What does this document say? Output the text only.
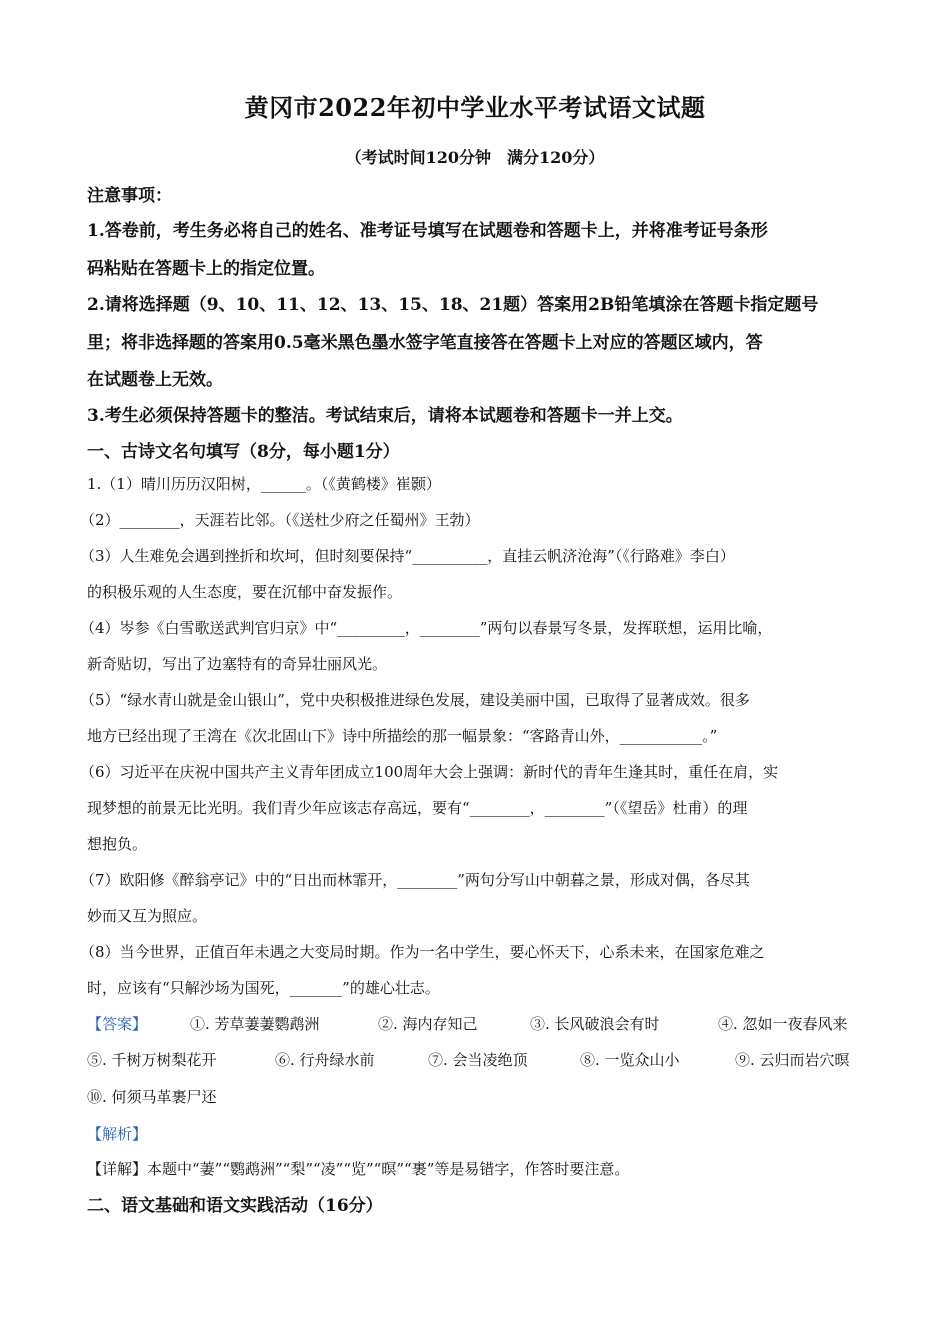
黄冈市2022年初中学业水平考试语文试题
（考试时间120分钟　满分120分）
注意事项：
1.答卷前，考生务必将自己的姓名、准考证号填写在试题卷和答题卡上，并将准考证号条形
码粘贴在答题卡上的指定位置。
2.请将选择题（9、10、11、12、13、15、18、21题）答案用2B铅笔填涂在答题卡指定题号
里；将非选择题的答案用0.5毫米黑色墨水签字笔直接答在答题卡上对应的答题区域内，答
在试题卷上无效。
3.考生必须保持答题卡的整洁。考试结束后，请将本试题卷和答题卡一并上交。
一、古诗文名句填写（8分，每小题1分）
1.（1）晴川历历汉阳树，______。（《黄鹤楼》崔颢）
（2）________，天涯若比邻。（《送杜少府之任蜀州》王勃）
（3）人生难免会遇到挫折和坎坷，但时刻要保持“__________，直挂云帆济沧海”（《行路难》李白）
的积极乐观的人生态度，要在沉郁中奋发振作。
（4）岑参《白雪歌送武判官归京》中“_________，________”两句以春景写冬景，发挥联想，运用比喻，
新奇贴切，写出了边塞特有的奇异壮丽风光。
（5）“绿水青山就是金山银山”，党中央积极推进绿色发展，建设美丽中国，已取得了显著成效。很多
地方已经出现了王湾在《次北固山下》诗中所描绘的那一幅景象：“客路青山外，___________。”
（6）习近平在庆祝中国共产主义青年团成立100周年大会上强调：新时代的青年生逢其时，重任在肩，实
现梦想的前景无比光明。我们青少年应该志存高远，要有“________，________”（《望岳》杜甫）的理
想抱负。
（7）欧阳修《醉翁亭记》中的“日出而林霏开，________”两句分写山中朝暮之景，形成对偶，各尽其
妙而又互为照应。
（8）当今世界，正值百年未遇之大变局时期。作为一名中学生，要心怀天下，心系未来，在国家危难之
时，应该有“只解沙场为国死，_______”的雄心壮志。
【答案】	①. 芳草萋萋鹦鹉洲	②. 海内存知己	③. 长风破浪会有时	④. 忽如一夜春风来
⑤. 千树万树梨花开	⑥. 行舟绿水前	⑦. 会当凌绝顶	⑧. 一览众山小	⑨. 云归而岩穴暝
⑩. 何须马革裹尸还
【解析】
【详解】本题中“萋”“鹦鹉洲”“梨”“凌”“览”“暝”“裹”等是易错字，作答时要注意。
二、语文基础和语文实践活动（16分）
